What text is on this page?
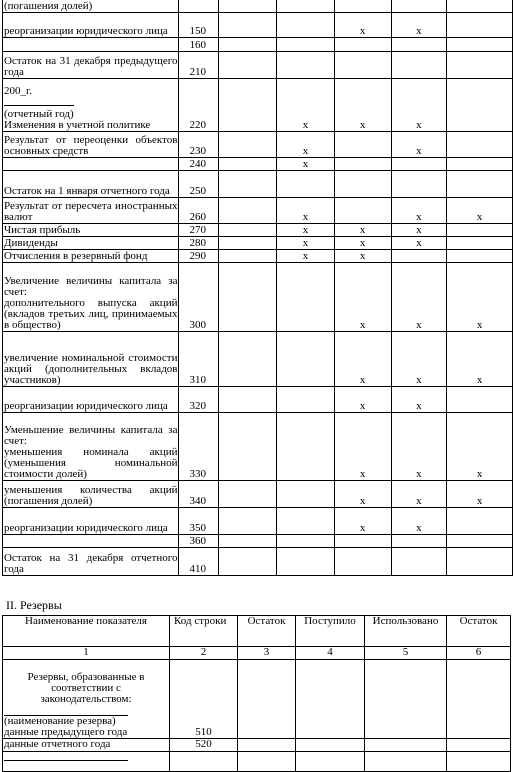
(погашения долей)						

реорганизации юридического лица	150			х	х	

	160					

Остаток на 31 декабря предыдущего года	210					

200_г.
(отчетный год)
Изменения в учетной политике	220		х	х	х	

Результат от переоценки объектов основных средств	230		х		х	

	240		х			

Остаток на 1 января отчетного года	250					

Результат от пересчета иностранных валют	260		х		х	х

Чистая прибыль	270		х	х	х	

Дивиденды	280		х	х	х	

Отчисления в резервный фонд	290		х	х		

Увеличение величины капитала за счет:
дополнительного выпуска акций (вкладов третьих лиц, принимаемых в общество)	300			х	х	х

увеличение номинальной стоимости акций (дополнительных вкладов участников)	310			х	х	х

реорганизации юридического лица	320			х	х	

Уменьшение величины капитала за счет:
уменьшения номинала акций (уменьшения номинальной стоимости долей)	330			х	х	х

уменьшения количества акций (погашения долей)	340			х	х	х

реорганизации юридического лица	350			х	х	

	360					

Остаток на 31 декабря отчетного года	410					
II. Резервы
Наименование показателя	Код строки	Остаток	Поступило	Использовано	Остаток
1	2	3	4	5	6

Резервы, образованные в соответствии с законодательством:
(наименование резерва)
данные предыдущего года	510				
данные отчетного года	520				
